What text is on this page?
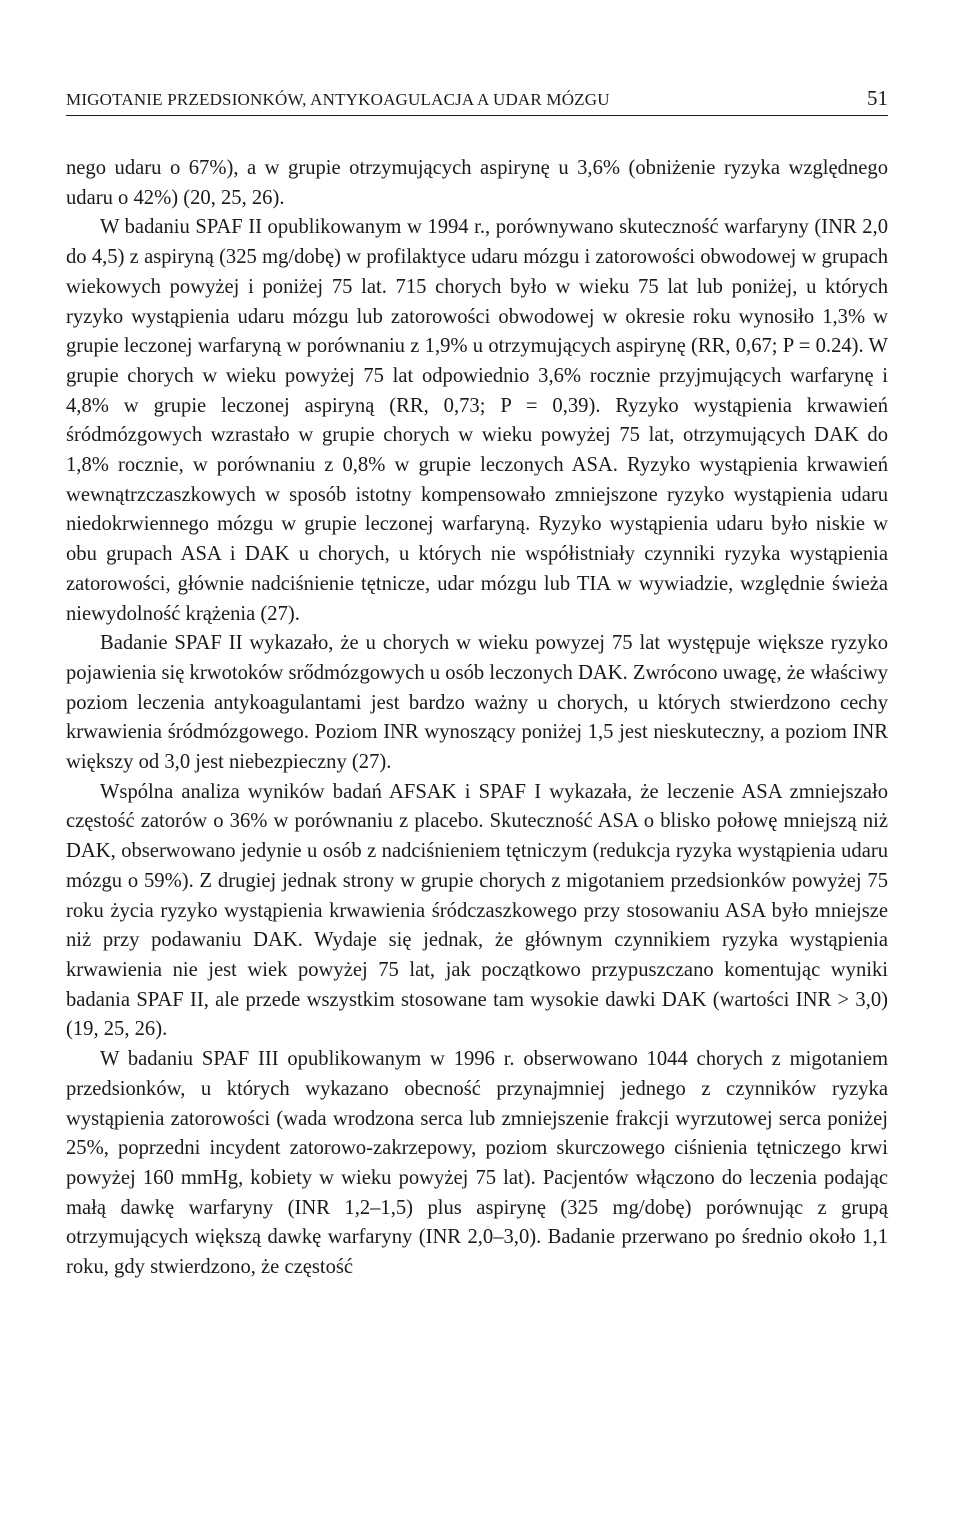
MIGOTANIE PRZEDSIONKÓW, ANTYKOAGULACJA A UDAR MÓZGU	51

nego udaru o 67%), a w grupie otrzymujących aspirynę u 3,6% (obniżenie ryzyka względnego udaru o 42%) (20, 25, 26).

W badaniu SPAF II opublikowanym w 1994 r., porównywano skuteczność warfaryny (INR 2,0 do 4,5) z aspiryną (325 mg/dobę) w profilaktyce udaru mózgu i zatorowości obwodowej w grupach wiekowych powyżej i poniżej 75 lat. 715 chorych było w wieku 75 lat lub poniżej, u których ryzyko wystąpienia udaru mózgu lub zatorowości obwodowej w okresie roku wynosiło 1,3% w grupie leczonej warfaryną w porównaniu z 1,9% u otrzymujących aspirynę (RR, 0,67; P = 0.24). W grupie chorych w wieku powyżej 75 lat odpowiednio 3,6% rocznie przyjmujących warfarynę i 4,8% w grupie leczonej aspiryną (RR, 0,73; P = 0,39). Ryzyko wystąpienia krwawień śródmózgowych wzrastało w grupie chorych w wieku powyżej 75 lat, otrzymujących DAK do 1,8% rocznie, w porównaniu z 0,8% w grupie leczonych ASA. Ryzyko wystąpienia krwawień wewnątrzczaszkowych w sposób istotny kompensowało zmniejszone ryzyko wystąpienia udaru niedokrwiennego mózgu w grupie leczonej warfaryną. Ryzyko wystąpienia udaru było niskie w obu grupach ASA i DAK u chorych, u których nie współistniały czynniki ryzyka wystąpienia zatorowości, głównie nadciśnienie tętnicze, udar mózgu lub TIA w wywiadzie, względnie świeża niewydolność krążenia (27).

Badanie SPAF II wykazało, że u chorych w wieku powyzej 75 lat występuje większe ryzyko pojawienia się krwotoków srődmózgowych u osób leczonych DAK. Zwrócono uwagę, że właściwy poziom leczenia antykoagulantami jest bardzo ważny u chorych, u których stwierdzono cechy krwawienia śródmózgowego. Poziom INR wynoszący poniżej 1,5 jest nieskuteczny, a poziom INR większy od 3,0 jest niebezpieczny (27).

Wspólna analiza wyników badań AFSAK i SPAF I wykazała, że leczenie ASA zmniejszało częstość zatorów o 36% w porównaniu z placebo. Skuteczność ASA o blisko połowę mniejszą niż DAK, obserwowano jedynie u osób z nadciśnieniem tętniczym (redukcja ryzyka wystąpienia udaru mózgu o 59%). Z drugiej jednak strony w grupie chorych z migotaniem przedsionków powyżej 75 roku życia ryzyko wystąpienia krwawienia śródczaszkowego przy stosowaniu ASA było mniejsze niż przy podawaniu DAK. Wydaje się jednak, że głównym czynnikiem ryzyka wystąpienia krwawienia nie jest wiek powyżej 75 lat, jak początkowo przypuszczano komentując wyniki badania SPAF II, ale przede wszystkim stosowane tam wysokie dawki DAK (wartości INR > 3,0) (19, 25, 26).

W badaniu SPAF III opublikowanym w 1996 r. obserwowano 1044 chorych z migotaniem przedsionków, u których wykazano obecność przynajmniej jednego z czynników ryzyka wystąpienia zatorowości (wada wrodzona serca lub zmniejszenie frakcji wyrzutowej serca poniżej 25%, poprzedni incydent zatorowo-zakrzepowy, poziom skurczowego ciśnienia tętniczego krwi powyżej 160 mmHg, kobiety w wieku powyżej 75 lat). Pacjentów włączono do leczenia podając małą dawkę warfaryny (INR 1,2–1,5) plus aspirynę (325 mg/dobę) porównując z grupą otrzymujących większą dawkę warfaryny (INR 2,0–3,0). Badanie przerwano po średnio około 1,1 roku, gdy stwierdzono, że częstość
